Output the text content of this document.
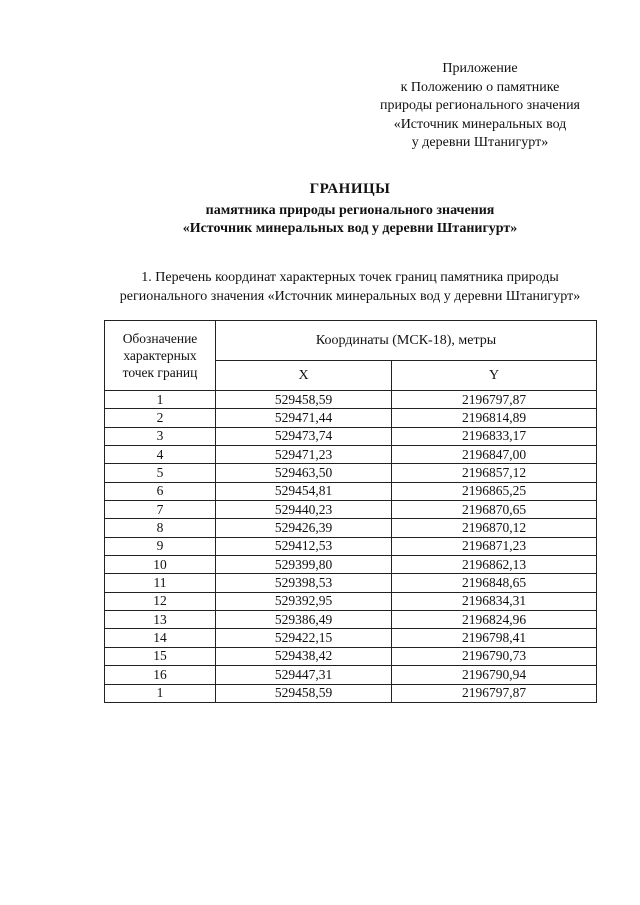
Приложение
к Положению о памятнике
природы регионального значения
«Источник минеральных вод
у деревни Штанигурт»
ГРАНИЦЫ
памятника природы регионального значения
«Источник минеральных вод у деревни Штанигурт»
1. Перечень координат характерных точек границ памятника природы
регионального значения «Источник минеральных вод у деревни Штанигурт»
Обозначение
характерных
точек границ	Координаты (МСК-18), метры	
	X	Y
1	529458,59	2196797,87
2	529471,44	2196814,89
3	529473,74	2196833,17
4	529471,23	2196847,00
5	529463,50	2196857,12
6	529454,81	2196865,25
7	529440,23	2196870,65
8	529426,39	2196870,12
9	529412,53	2196871,23
10	529399,80	2196862,13
11	529398,53	2196848,65
12	529392,95	2196834,31
13	529386,49	2196824,96
14	529422,15	2196798,41
15	529438,42	2196790,73
16	529447,31	2196790,94
1	529458,59	2196797,87
